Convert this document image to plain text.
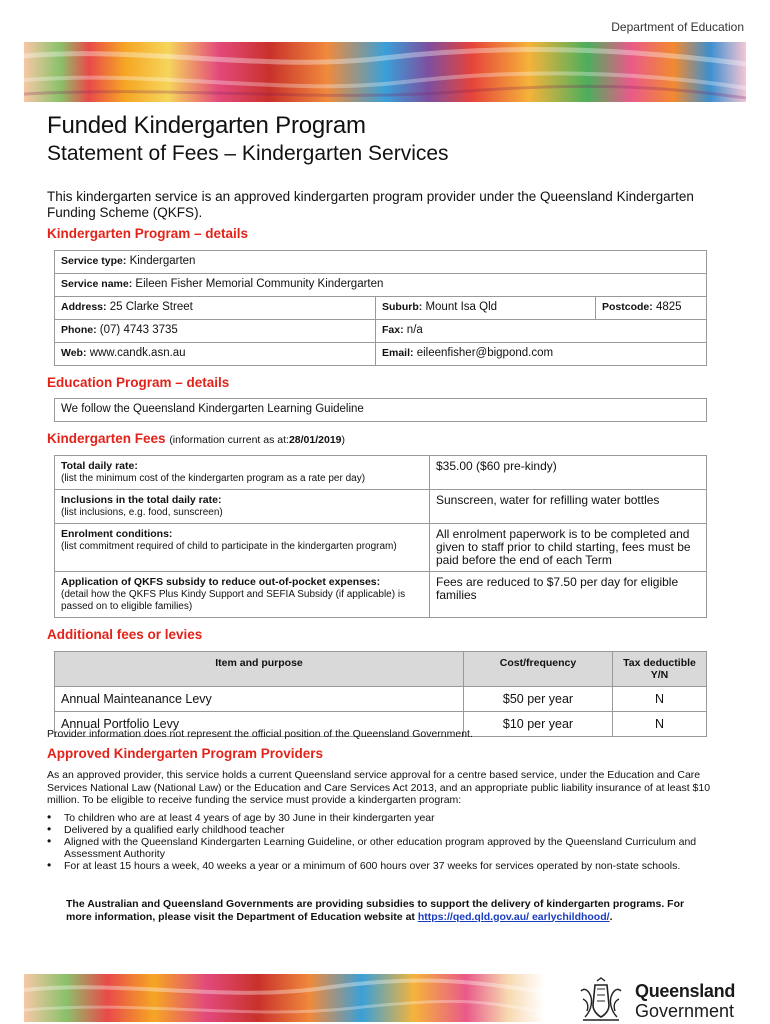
Department of Education
Funded Kindergarten Program
Statement of Fees – Kindergarten Services

This kindergarten service is an approved kindergarten program provider under the Queensland Kindergarten Funding Scheme (QKFS).

Kindergarten Program – details

Service type: Kindergarten		
Service name: Eileen Fisher Memorial Community Kindergarten		
Address: 25 Clarke Street	Suburb: Mount Isa Qld	Postcode: 4825
Phone: (07) 4743 3735	Fax: n/a	
Web: www.candk.asn.au	Email: eileenfisher@bigpond.com	

Education Program – details

We follow the Queensland Kindergarten Learning Guideline

Kindergarten Fees (information current as at:28/01/2019)

Total daily rate:
(list the minimum cost of the kindergarten program as a rate per day)	$35.00 ($60 pre-kindy)
Inclusions in the total daily rate:
(list inclusions, e.g. food, sunscreen)	Sunscreen, water for refilling water bottles
Enrolment conditions:
(list commitment required of child to participate in the kindergarten program)	All enrolment paperwork is to be completed and given to staff prior to child starting, fees must be paid before the end of each Term
Application of QKFS subsidy to reduce out-of-pocket expenses:
(detail how the QKFS Plus Kindy Support and SEFIA Subsidy (if applicable) is passed on to eligible families)	Fees are reduced to $7.50 per day for eligible families

Additional fees or levies

Item and purpose	Cost/frequency	Tax deductible Y/N
Annual Mainteanance Levy	$50 per year	N
Annual Portfolio Levy	$10 per year	N

Provider information does not represent the official position of the Queensland Government.

Approved Kindergarten Program Providers

As an approved provider, this service holds a current Queensland service approval for a centre based service, under the Education and Care Services National Law (National Law) or the Education and Care Services Act 2013, and an appropriate public liability insurance of at least $10 million. To be eligible to receive funding the service must provide a kindergarten program:

• To children who are at least 4 years of age by 30 June in their kindergarten year
• Delivered by a qualified early childhood teacher
• Aligned with the Queensland Kindergarten Learning Guideline, or other education program approved by the Queensland Curriculum and Assessment Authority
• For at least 15 hours a week, 40 weeks a year or a minimum of 600 hours over 37 weeks for services operated by non-state schools.

The Australian and Queensland Governments are providing subsidies to support the delivery of kindergarten programs. For more information, please visit the Department of Education website at https://qed.qld.gov.au/ earlychildhood/.

Queensland
Government
